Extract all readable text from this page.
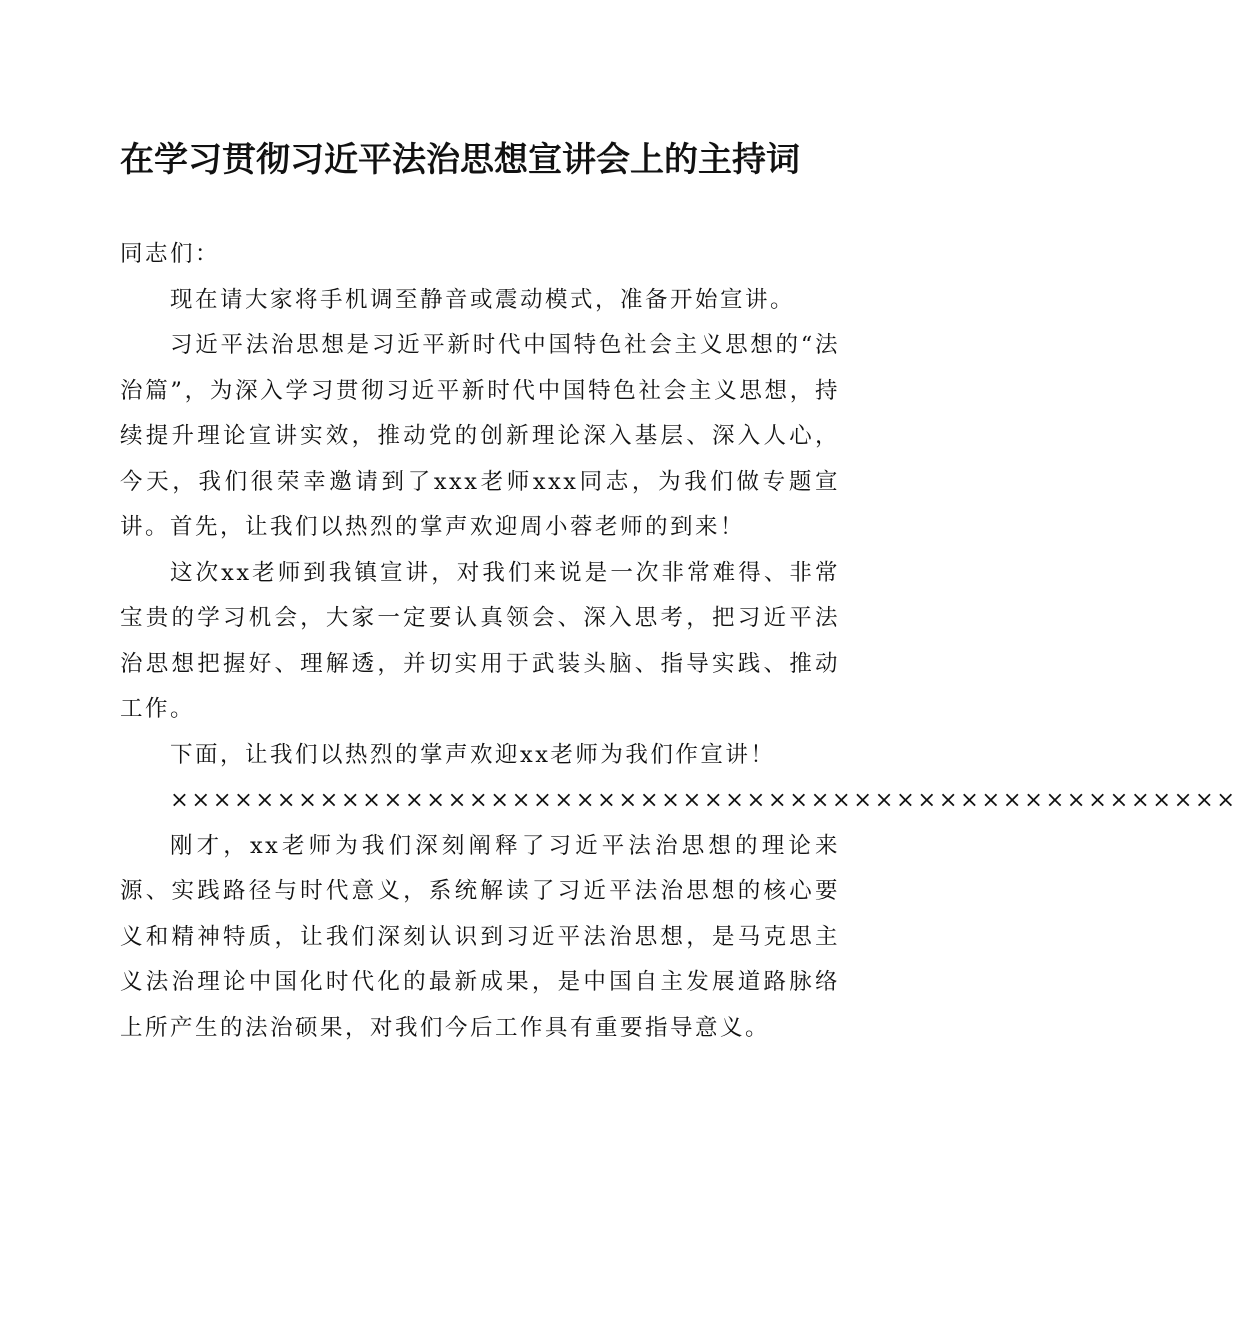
在学习贯彻习近平法治思想宣讲会上的主持词

同志们：

现在请大家将手机调至静音或震动模式，准备开始宣讲。

习近平法治思想是习近平新时代中国特色社会主义思想的“法治篇”，为深入学习贯彻习近平新时代中国特色社会主义思想，持续提升理论宣讲实效，推动党的创新理论深入基层、深入人心，今天，我们很荣幸邀请到了xxx老师xxx同志，为我们做专题宣讲。首先，让我们以热烈的掌声欢迎周小蓉老师的到来！

这次xx老师到我镇宣讲，对我们来说是一次非常难得、非常宝贵的学习机会，大家一定要认真领会、深入思考，把习近平法治思想把握好、理解透，并切实用于武装头脑、指导实践、推动工作。

下面，让我们以热烈的掌声欢迎xx老师为我们作宣讲！

××××××××××××××××××××××××××××××××××××××××××××××××××

刚才，xx老师为我们深刻阐释了习近平法治思想的理论来源、实践路径与时代意义，系统解读了习近平法治思想的核心要义和精神特质，让我们深刻认识到习近平法治思想，是马克思主义法治理论中国化时代化的最新成果，是中国自主发展道路脉络上所产生的法治硕果，对我们今后工作具有重要指导意义。
